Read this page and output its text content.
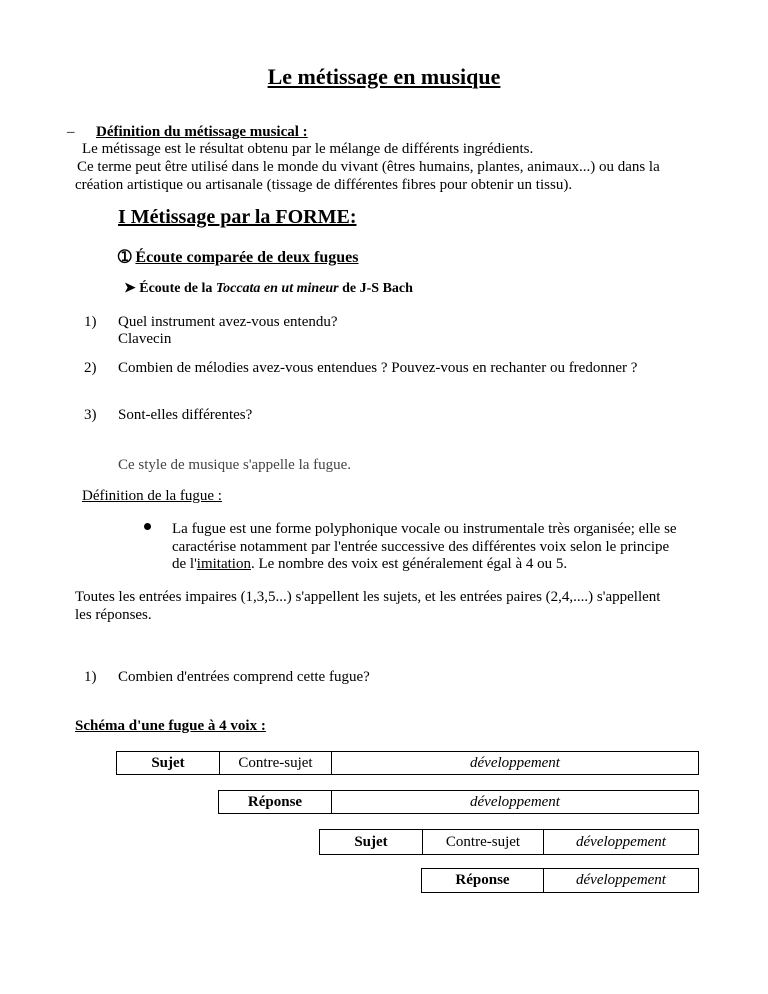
Le métissage en musique
– Définition du métissage musical :
Le métissage est le résultat obtenu par le mélange de différents ingrédients.
Ce terme peut être utilisé dans le monde du vivant (êtres humains, plantes, animaux...) ou dans la
création artistique ou artisanale (tissage de différentes fibres pour obtenir un tissu).
I Métissage par la FORME:
➀ Écoute comparée de deux fugues
➤ Écoute de la Toccata en ut mineur de J-S Bach
1) Quel instrument avez-vous entendu?
Clavecin
2) Combien de mélodies avez-vous entendues ? Pouvez-vous en rechanter ou fredonner ?
3) Sont-elles différentes?
Ce style de musique s'appelle la fugue.
Définition de la fugue :
La fugue est une forme polyphonique vocale ou instrumentale très organisée; elle se
caractérise notamment par l'entrée successive des différentes voix selon le principe
de l'imitation. Le nombre des voix est généralement égal à 4 ou 5.
Toutes les entrées impaires (1,3,5...) s'appellent les sujets, et les entrées paires (2,4,....) s'appellent
les réponses.
1) Combien d'entrées comprend cette fugue?
Schéma d'une fugue à 4 voix :
Sujet	Contre-sujet	développement
Réponse	développement
Sujet	Contre-sujet	développement
Réponse	développement
